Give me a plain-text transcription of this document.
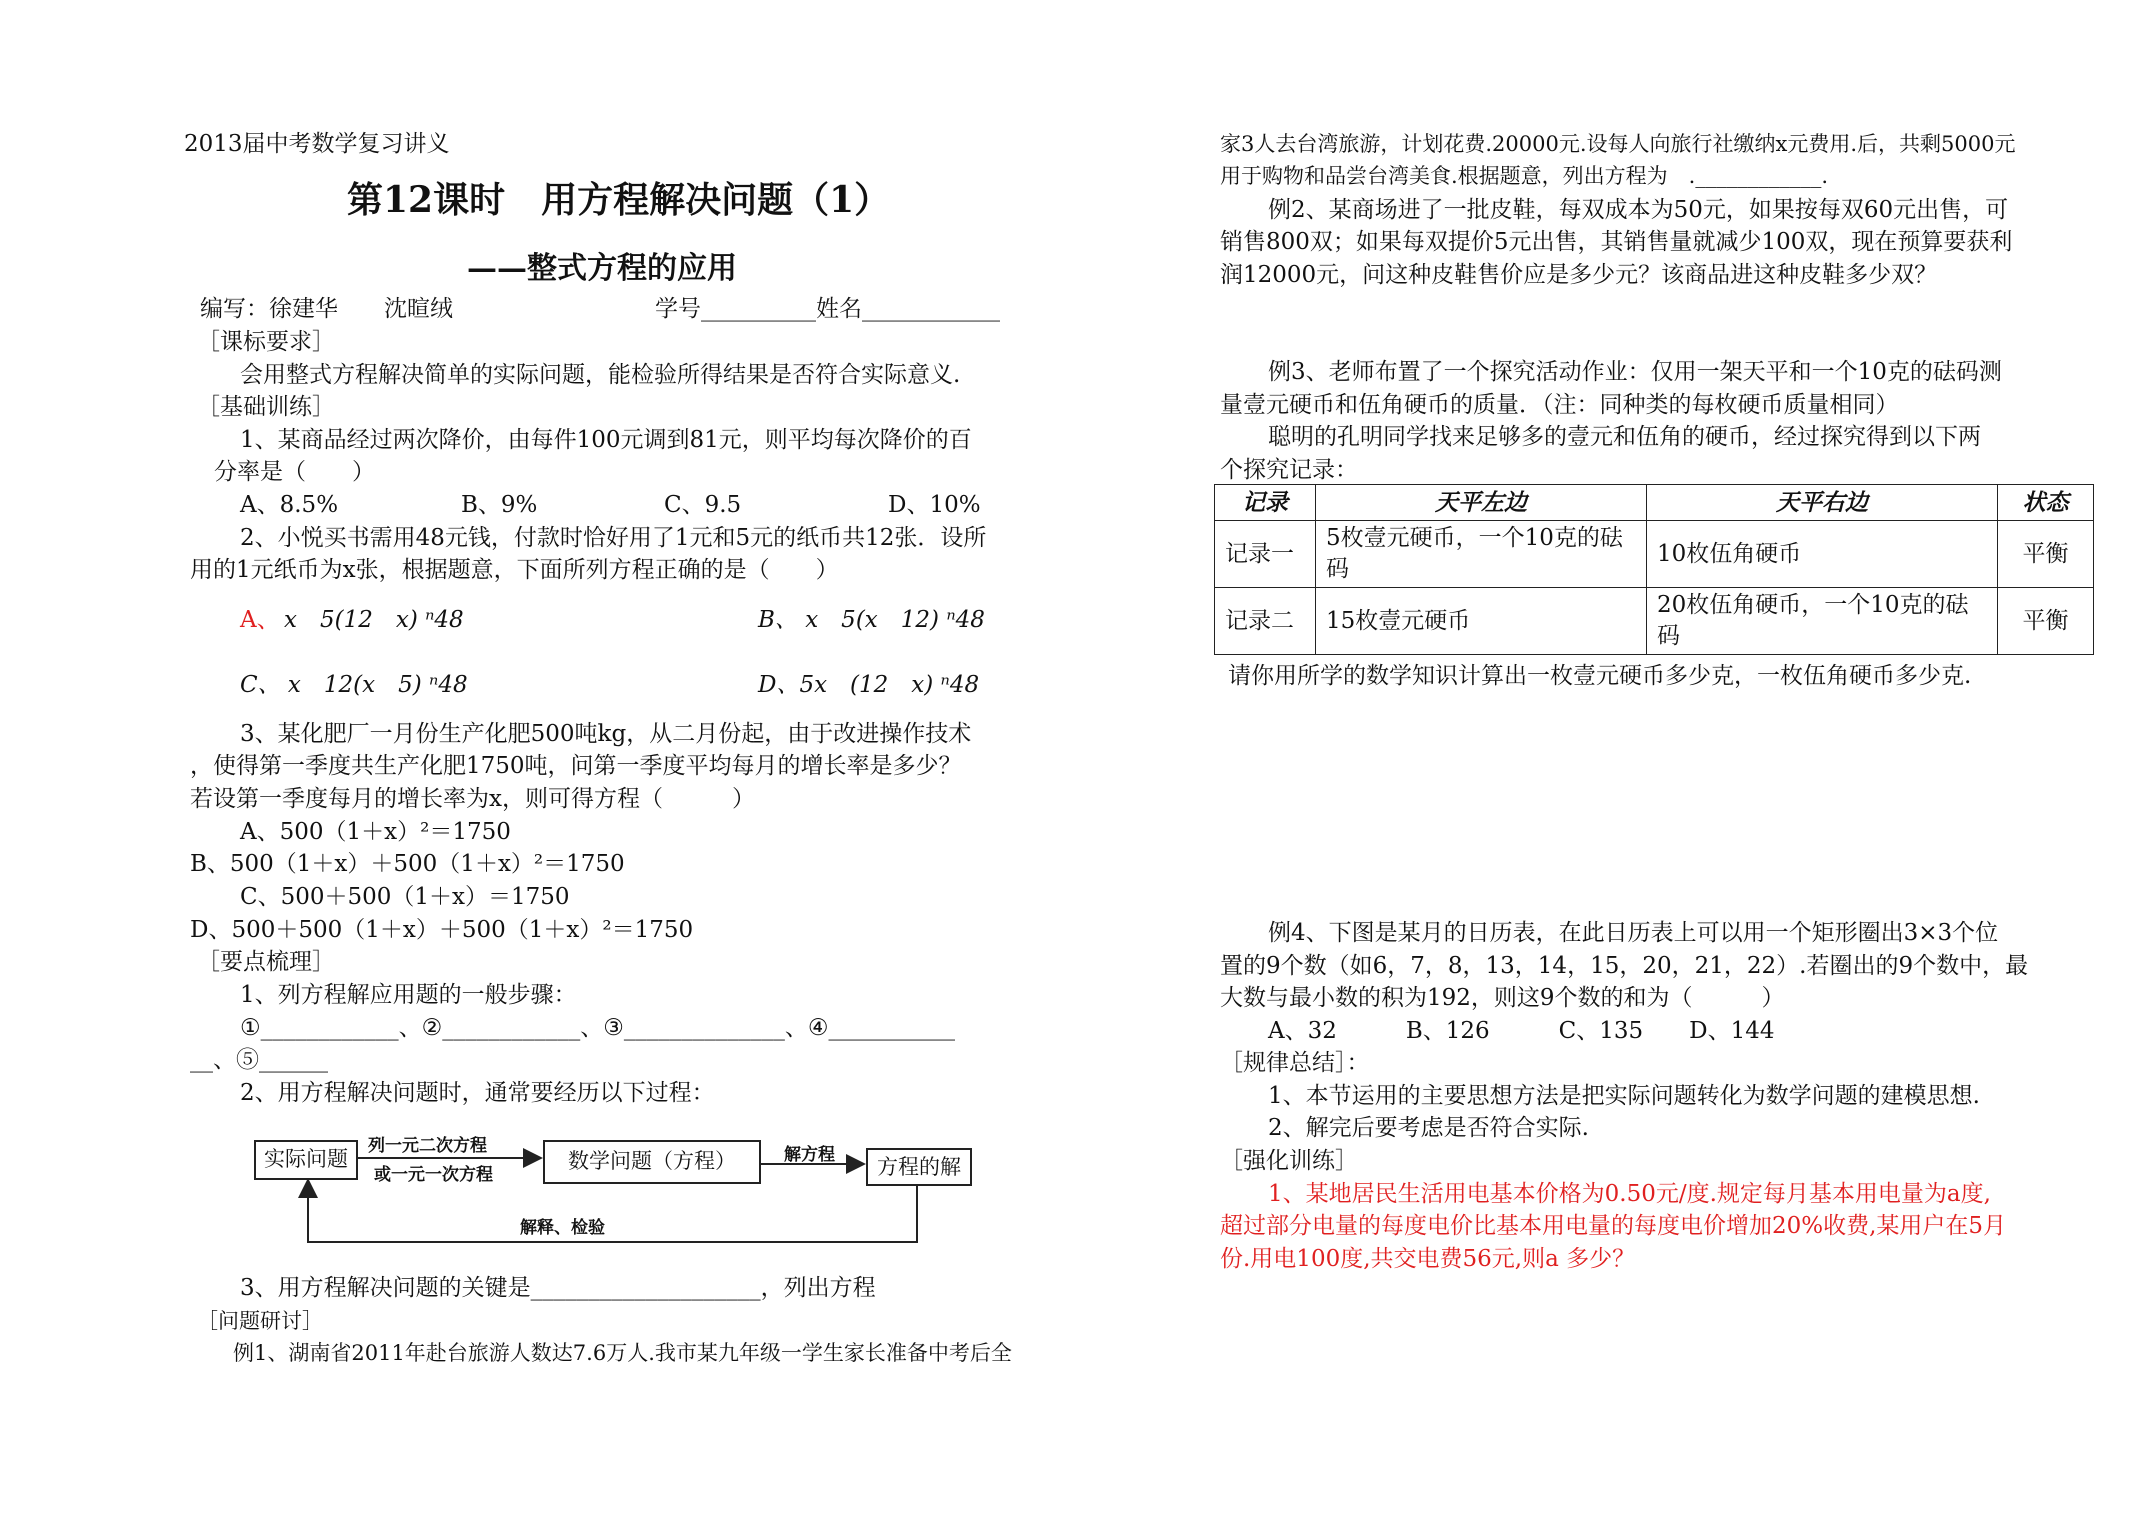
2013届中考数学复习讲义
第12课时　用方程解决问题（1）
——整式方程的应用
编写：徐建华　　沈暄绒	学号__________姓名____________
［课标要求］
会用整式方程解决简单的实际问题，能检验所得结果是否符合实际意义.
［基础训练］
1、某商品经过两次降价，由每件100元调到81元，则平均每次降价的百
分率是（　　）
A、8.5%	B、9%	C、9.5	D、10%
2、小悦买书需用48元钱，付款时恰好用了1元和5元的纸币共12张．设所
用的1元纸币为x张，根据题意，下面所列方程正确的是（　　）
A、 x　5(12　x) ⁿ48	B、 x　5(x　12) ⁿ48
C、 x　12(x　5) ⁿ48	D、5x　(12　x) ⁿ48
3、某化肥厂一月份生产化肥500吨kg，从二月份起，由于改进操作技术
，使得第一季度共生产化肥1750吨，问第一季度平均每月的增长率是多少？
若设第一季度每月的增长率为x，则可得方程（　　　）
A、500（1＋x）²＝1750
B、500（1＋x）＋500（1＋x）²＝1750
C、500＋500（1＋x）＝1750
D、500＋500（1＋x）＋500（1＋x）²＝1750
［要点梳理］
1、列方程解应用题的一般步骤：
①____________、②____________、③______________、④___________
__、⑤______
2、用方程解决问题时，通常要经历以下过程：
实际问题	数学问题（方程）	方程的解
列一元二次方程
或一元一次方程
解方程
解释、检验
3、用方程解决问题的关键是____________________，列出方程
［问题研讨］
例1、湖南省2011年赴台旅游人数达7.6万人.我市某九年级一学生家长准备中考后全
家3人去台湾旅游，计划花费.20000元.设每人向旅行社缴纳x元费用.后，共剩5000元
用于购物和品尝台湾美食.根据题意，列出方程为　.____________.
例2、某商场进了一批皮鞋，每双成本为50元，如果按每双60元出售，可
销售800双；如果每双提价5元出售，其销售量就减少100双，现在预算要获利
润12000元，问这种皮鞋售价应是多少元？该商品进这种皮鞋多少双？
例3、老师布置了一个探究活动作业：仅用一架天平和一个10克的砝码测
量壹元硬币和伍角硬币的质量．（注：同种类的每枚硬币质量相同）
聪明的孔明同学找来足够多的壹元和伍角的硬币，经过探究得到以下两
个探究记录：
记录	天平左边	天平右边	状态
记录一	5枚壹元硬币，一个10克的砝码	10枚伍角硬币	平衡
记录二	15枚壹元硬币	20枚伍角硬币，一个10克的砝码	平衡
请你用所学的数学知识计算出一枚壹元硬币多少克，一枚伍角硬币多少克.
例4、下图是某月的日历表，在此日历表上可以用一个矩形圈出3×3个位
置的9个数（如6，7，8，13，14，15，20，21，22）.若圈出的9个数中，最
大数与最小数的积为192，则这9个数的和为（　　　）
A、32　　　B、126　　　C、135　　D、144
［规律总结］：
1、本节运用的主要思想方法是把实际问题转化为数学问题的建模思想.
2、解完后要考虑是否符合实际.
［强化训练］
1、某地居民生活用电基本价格为0.50元/度.规定每月基本用电量为a度,
超过部分电量的每度电价比基本用电量的每度电价增加20%收费,某用户在5月
份.用电100度,共交电费56元,则a 多少？
